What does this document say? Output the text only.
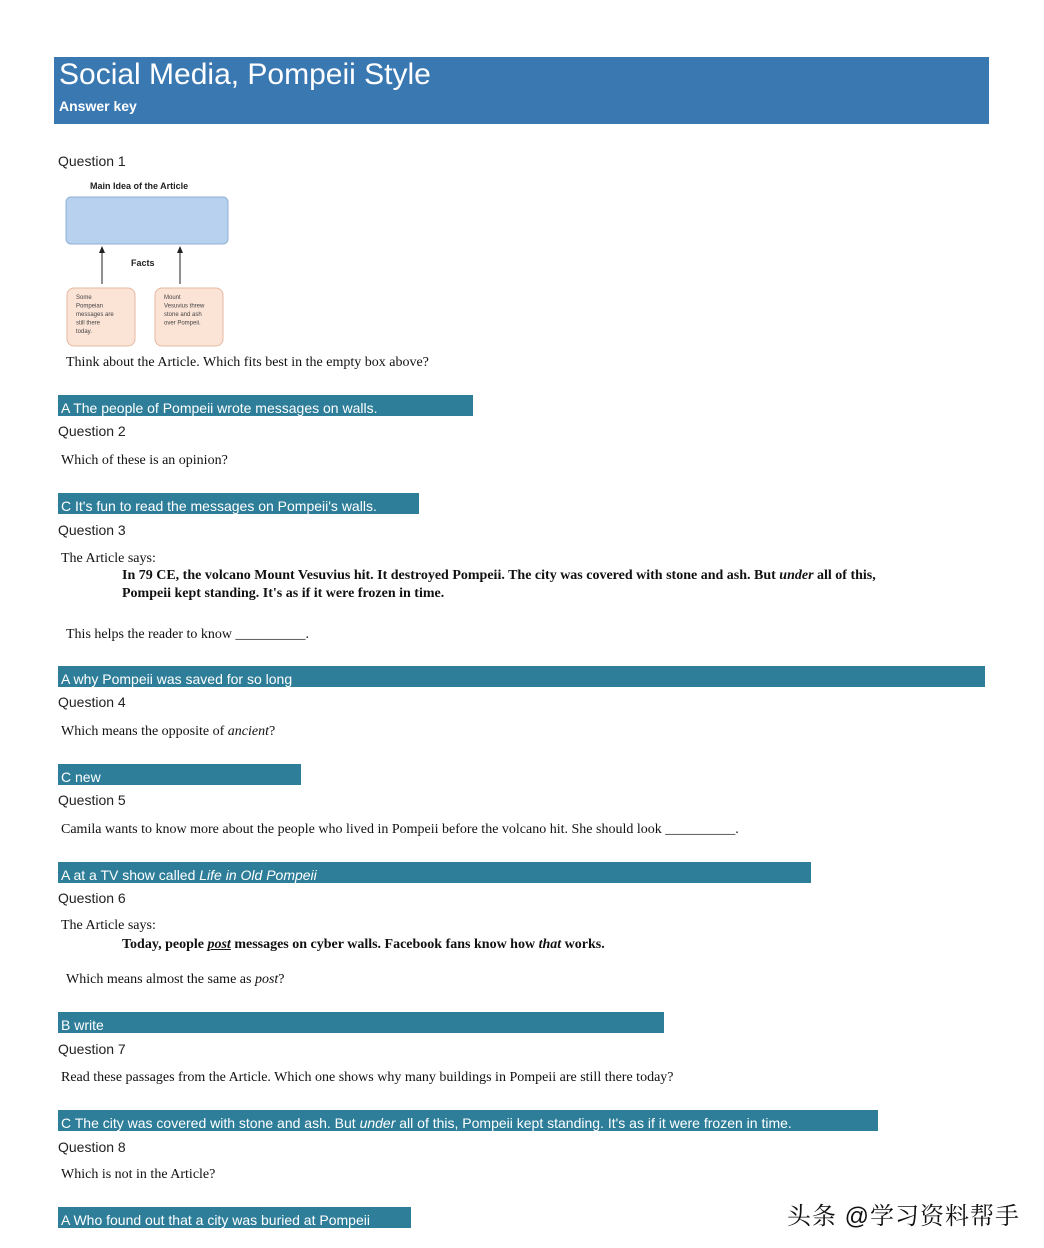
Social Media, Pompeii Style
Answer key
Question 1
Main Idea of the Article
Facts
Some
Pompeian
messages are
still there
today.
Mount
Vesuvius threw
stone and ash
over Pompeii.
Think about the Article. Which fits best in the empty box above?
A The people of Pompeii wrote messages on walls.
Question 2
Which of these is an opinion?
C It's fun to read the messages on Pompeii's walls.
Question 3
The Article says:
In 79 CE, the volcano Mount Vesuvius hit. It destroyed Pompeii. The city was covered with stone and ash. But under all of this,
Pompeii kept standing. It's as if it were frozen in time.
This helps the reader to know __________.
A why Pompeii was saved for so long
Question 4
Which means the opposite of ancient?
C new
Question 5
Camila wants to know more about the people who lived in Pompeii before the volcano hit. She should look __________.
A at a TV show called Life in Old Pompeii
Question 6
The Article says:
Today, people post messages on cyber walls. Facebook fans know how that works.
Which means almost the same as post?
B write
Question 7
Read these passages from the Article. Which one shows why many buildings in Pompeii are still there today?
C The city was covered with stone and ash. But under all of this, Pompeii kept standing. It's as if it were frozen in time.
Question 8
Which is not in the Article?
A Who found out that a city was buried at Pompeii	头条 @学习资料帮手
